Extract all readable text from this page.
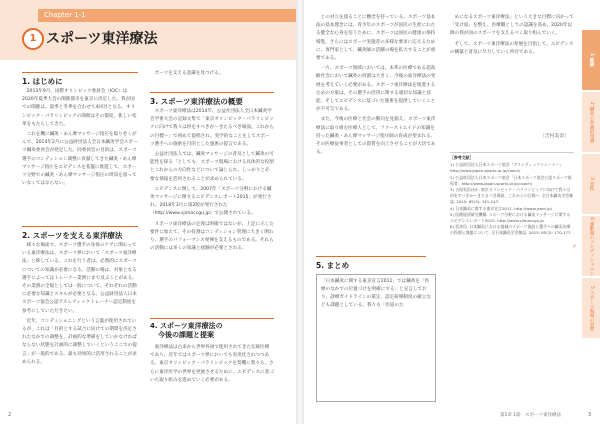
Chapter 1-1
1 スポーツ東洋療法
1. はじめに

2013年9月、国際オリンピック委員会（IOC）は2020年夏季大会の開催都市を東京に決定した。我が国での開催は、夏季と冬季を合わせて4回目となる。オリンピック・パラリンピックの開催はその都度、新しい変革をもたらしてきた。

これを機に鍼灸・あん摩マッサージ指圧を取り巻くがんで、2014年2月に公益財団法人全日本鍼灸学会スポーツ鍼灸委員会が発足した。同委員会の目的は、スポーツ選手のコンディション調整に貢献してきた鍼灸・あん摩マッサージ指圧をエビデンスを基盤に推進して、スポーツ分野での鍼灸・あん摩マッサージ指圧の周知を図っていなくてはならない。

2. スポーツを支える東洋療法

様々な場面で、スポーツ選手の身体のケアに関わっている東洋療法は、スポーツ界において「スポーツ東洋療法」と称している。これを行う者は、必然的にスポーツについての知識が必要になる。活動の場は、対象となる選手によってはトレーナー業務にまで及ぶことがある。その業務の全般としては一般について、それぞれの活動に必要な知識とスキルが必要となる。公益財団法人日本スポーツ協会公認アスレティックトレーナー認定制度を参考にしていただきたい。

近年、コンディショニングという言葉が使用されているが、これは「目的とする試合に向けての期間を決定されたなかでの調整を、計画的な準備をしていかなければならない状態を計画的に調整していくというここでの提言」が一般的である。最も効果的に活用されることが求められる。

ポーツを支える意識を見つける。

3. スポーツ東洋療法の概要

スポーツ東洋療法は2014年、公益社団法人全日本鍼灸学会学術大会の記録文集で「東京オリンピック・パラリンピックに向けて我々は何をすべきか～きたるべき場面、これからの目標～」で初めて提唱され、実学的なことをしてスポーツ選手への施術を目的とした施術の提言である。

公益社団法人では、鍼灸マッサージの普及として鍼灸の可能性を探る「としても、スポーツ現場における具体的な役割とこれからの方向性などについて論じられ、しっかりと必要な情報を活用されることが求められている。

エビデンスに関して、2007年「スポーツ分野における鍼灸マッサージに関するエビデンスレポート2015」が発行され、2018年3月に第2版が発行された（http://www.sjimaccgu.jp）で公開されている。

スポーツ東洋療法の定義は明確ではないが、上記に示した要件に加えて、その役割はコンディション管理に大きく関わり、選手のパフォーマンス発揮を支えるものである。それらの活動には多くの知識と経験が必要とされる。

4. スポーツ東洋療法の
今後の課題と提案

東洋療法は古来から世界各国で使用されてきた伝統医療であり、近年ではスポーツ界においても実用化されつつある。東京オリンピック・パラリンピックを契機に我々も、さらに東洋医学の世界を発展させるために、エビデンスに基づいた取り組みを進めていく必要がある。

2

との対立を図ることに懸念を持っている。スポーツ基本法の基本理念には、青少年のスポーツが国民の生涯にわたる健全な心身を培うために、スポーツは国民の健康の保持増進、さらにはスポーツ実施者の多様な要求に応えるために、専門家として、鍼灸師の活躍の場を拡大することが重要である。

一方、スポーツ領域においては、本邦の医療である超高齢社会において鍼灸の役割は大きく、今後の東洋療法の発展を考えていく必要がある。スポーツ東洋療法を推進するための方策は、その選手の活用に関する適切な知識と技能、そしてエビデンスに基づいた施術を提供していくことが不可欠である。

また、今後の医療と社会の動向を見据え、スポーツ東洋療法に取り組む医療人として、ファーストエイドの知識を持った鍼灸・あん摩マッサージ指圧師の育成が望まれる。その医療従事者としての資質を向上させることが大切である。

5. まとめ

「日本鍼灸に関する東京宣言2011」では鍼灸を「医療のなかでの位置づけを明確にする」と宣言しており、診療ガイドラインの策定、認定研修制度の確立なども課題としている。我々も「医道のた

めになるスポーツ東洋療法」という大きな目標に向かって「受け皿」を整え、医療職としての認識を高め、2020年以降の我が国のスポーツを支えるべく取り組んでいく。

そして、スポーツ東洋療法の発展を目指して、エビデンスの構築と普及に尽力していく所存である。

［吉村美奈］
［参考文献］
1) 公益財団法人日本スポーツ協会「アスレティックトレーナー」http://www.japan-sports.or.jp/coach/
2) 公益財団法人日本スポーツ協会「日本スポーツ協会公認スポーツ指導者」http://www.japan-sports.or.jp/coach/
3) 古屋英治ほか. 東京オリンピック・パラリンピックに向けて我々は何をすべきか～きたるべき場面、これからの目標～. 全日本鍼灸学会雑誌. 2015; 65(3): 141-147.
4) 日本鍼灸に関する東京宣言2011. http://www.jsam.jp/
5) 医療経済研究機構. スポーツ分野における鍼灸マッサージに関するエビデンスレポート2015. http://www.sjimaccgu.jp
6) 坂本信. 日本鍼灸における地域のスポーツ施設と選手への鍼灸治療の役割と課題について. 全日本鍼灸学会雑誌. 2015; 65(3): 170-177.
第1章 1節　スポーツ東洋療法	3
1 総論
2 鍼灸の各論的知識
3 実践
4 運動器のコンディショニング
5 スポーツ現場の実際
